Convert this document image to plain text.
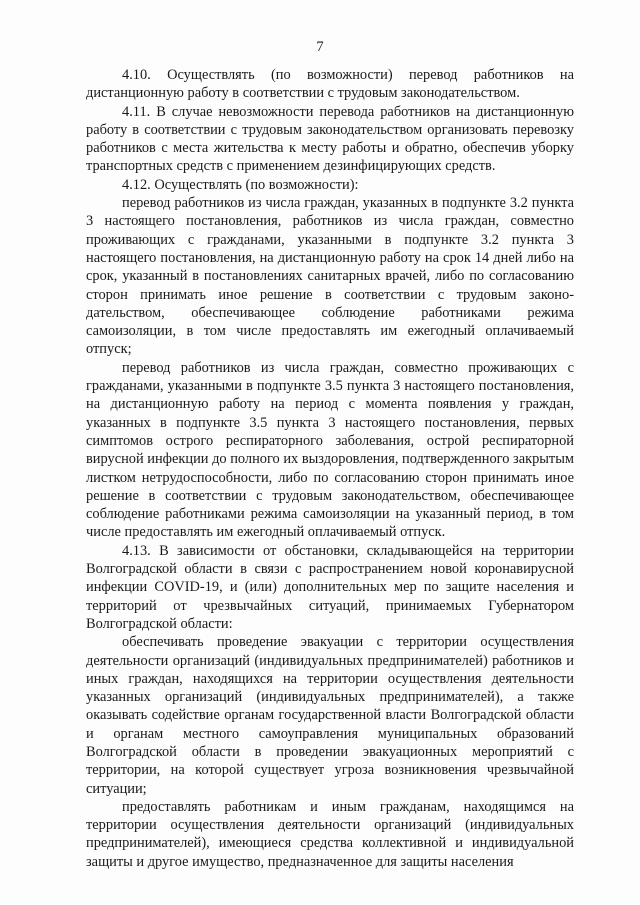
7

4.10. Осуществлять (по возможности) перевод работников на дистанционную работу в соответствии с трудовым законодательством.

4.11. В случае невозможности перевода работников на дистанционную работу в соответствии с трудовым законодательством организовать перевозку работников с места жительства к месту работы и обратно, обеспечив уборку транспортных средств с применением дезинфицирующих средств.

4.12. Осуществлять (по возможности):

перевод работников из числа граждан, указанных в подпункте 3.2 пункта 3 настоящего постановления, работников из числа граждан, совместно проживающих с гражданами, указанными в подпункте 3.2 пункта 3 настоящего постановления, на дистанционную работу на срок 14 дней либо на срок, указанный в постановлениях санитарных врачей, либо по согласованию сторон принимать иное решение в соответствии с трудовым законодательством, обеспечивающее соблюдение работниками режима самоизоляции, в том числе предоставлять им ежегодный оплачиваемый отпуск;

перевод работников из числа граждан, совместно проживающих с гражданами, указанными в подпункте 3.5 пункта 3 настоящего постановления, на дистанционную работу на период с момента появления у граждан, указанных в подпункте 3.5 пункта 3 настоящего постановления, первых симптомов острого респираторного заболевания, острой респираторной вирусной инфекции до полного их выздоровления, подтвержденного закрытым листком нетрудоспособности, либо по согласованию сторон принимать иное решение в соответствии с трудовым законодательством, обеспечивающее соблюдение работниками режима самоизоляции на указанный период, в том числе предоставлять им ежегодный оплачиваемый отпуск.

4.13. В зависимости от обстановки, складывающейся на территории Волгоградской области в связи с распространением новой коронавирусной инфекции COVID-19, и (или) дополнительных мер по защите населения и территорий от чрезвычайных ситуаций, принимаемых Губернатором Волгоградской области:

обеспечивать проведение эвакуации с территории осуществления деятельности организаций (индивидуальных предпринимателей) работников и иных граждан, находящихся на территории осуществления деятельности указанных организаций (индивидуальных предпринимателей), а также оказывать содействие органам государственной власти Волгоградской области и органам местного самоуправления муниципальных образований Волгоградской области в проведении эвакуационных мероприятий с территории, на которой существует угроза возникновения чрезвычайной ситуации;

предоставлять работникам и иным гражданам, находящимся на территории осуществления деятельности организаций (индивидуальных предпринимателей), имеющиеся средства коллективной и индивидуальной защиты и другое имущество, предназначенное для защиты населения
